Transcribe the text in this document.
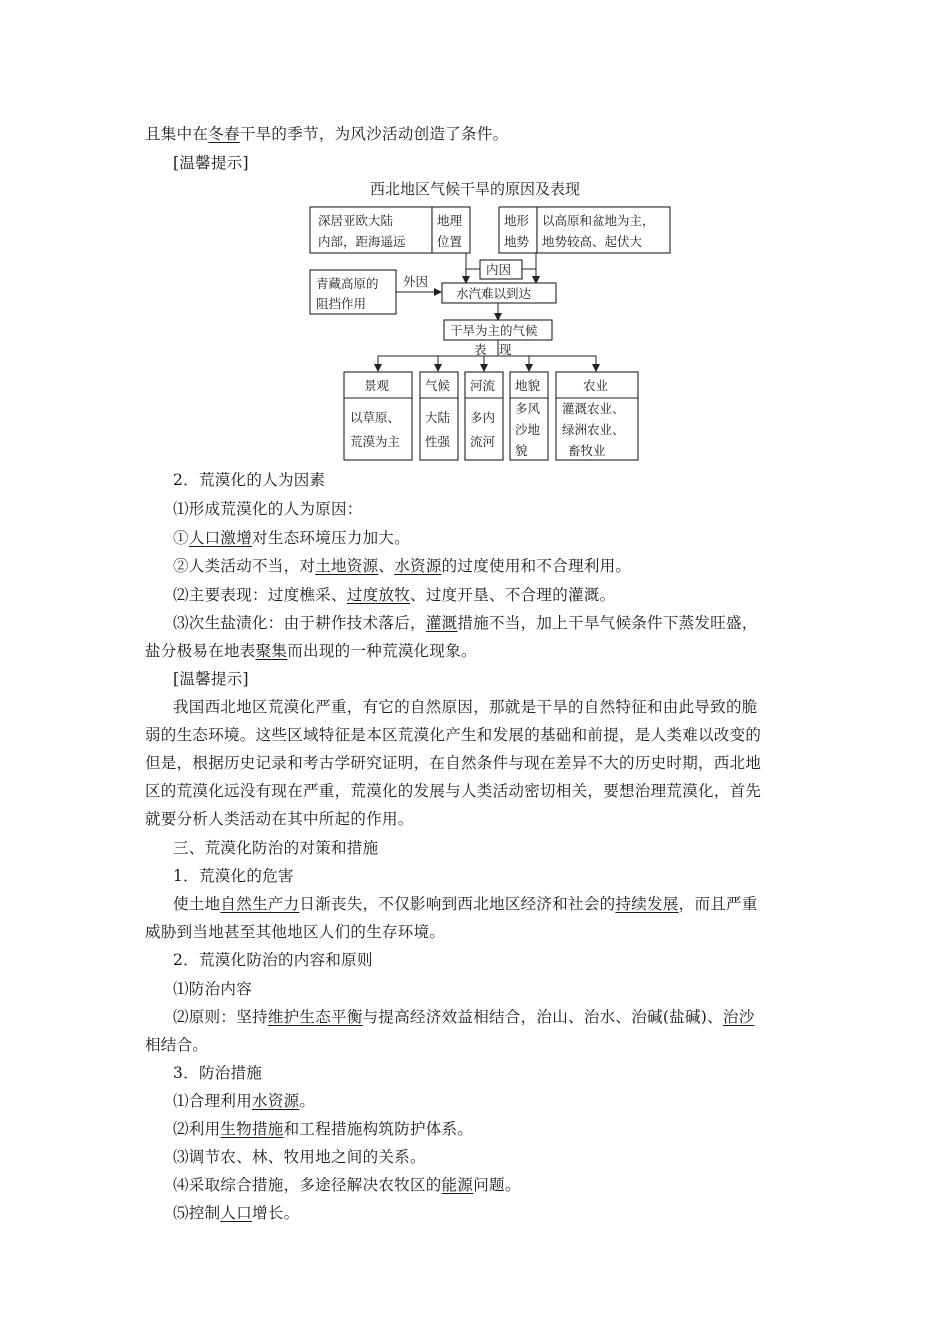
且集中在冬春干旱的季节，为风沙活动创造了条件。
[温馨提示]
西北地区气候干旱的原因及表现
深居亚欧大陆
内部，距海遥远
地理
位置
地形
地势
以高原和盆地为主，
地势较高、起伏大
内因
青藏高原的
阻挡作用
外因
水汽难以到达
干旱为主的气候
表　现
景观
以草原、
荒漠为主
气候
大陆
性强
河流
多内
流河
地貌
多风
沙地
貌
农业
灌溉农业、
绿洲农业、
畜牧业
2．荒漠化的人为因素
⑴形成荒漠化的人为原因：
①人口激增对生态环境压力加大。
②人类活动不当，对土地资源、水资源的过度使用和不合理利用。
⑵主要表现：过度樵采、过度放牧、过度开垦、不合理的灌溉。
⑶次生盐渍化：由于耕作技术落后，灌溉措施不当，加上干旱气候条件下蒸发旺盛，
盐分极易在地表聚集而出现的一种荒漠化现象。
[温馨提示]
我国西北地区荒漠化严重，有它的自然原因，那就是干旱的自然特征和由此导致的脆
弱的生态环境。这些区域特征是本区荒漠化产生和发展的基础和前提，是人类难以改变的
但是，根据历史记录和考古学研究证明，在自然条件与现在差异不大的历史时期，西北地
区的荒漠化远没有现在严重，荒漠化的发展与人类活动密切相关，要想治理荒漠化，首先
就要分析人类活动在其中所起的作用。
三、荒漠化防治的对策和措施
1．荒漠化的危害
使土地自然生产力日渐丧失，不仅影响到西北地区经济和社会的持续发展，而且严重
威胁到当地甚至其他地区人们的生存环境。
2．荒漠化防治的内容和原则
⑴防治内容
⑵原则：坚持维护生态平衡与提高经济效益相结合，治山、治水、治碱(盐碱)、治沙
相结合。
3．防治措施
⑴合理利用水资源。
⑵利用生物措施和工程措施构筑防护体系。
⑶调节农、林、牧用地之间的关系。
⑷采取综合措施，多途径解决农牧区的能源问题。
⑸控制人口增长。
